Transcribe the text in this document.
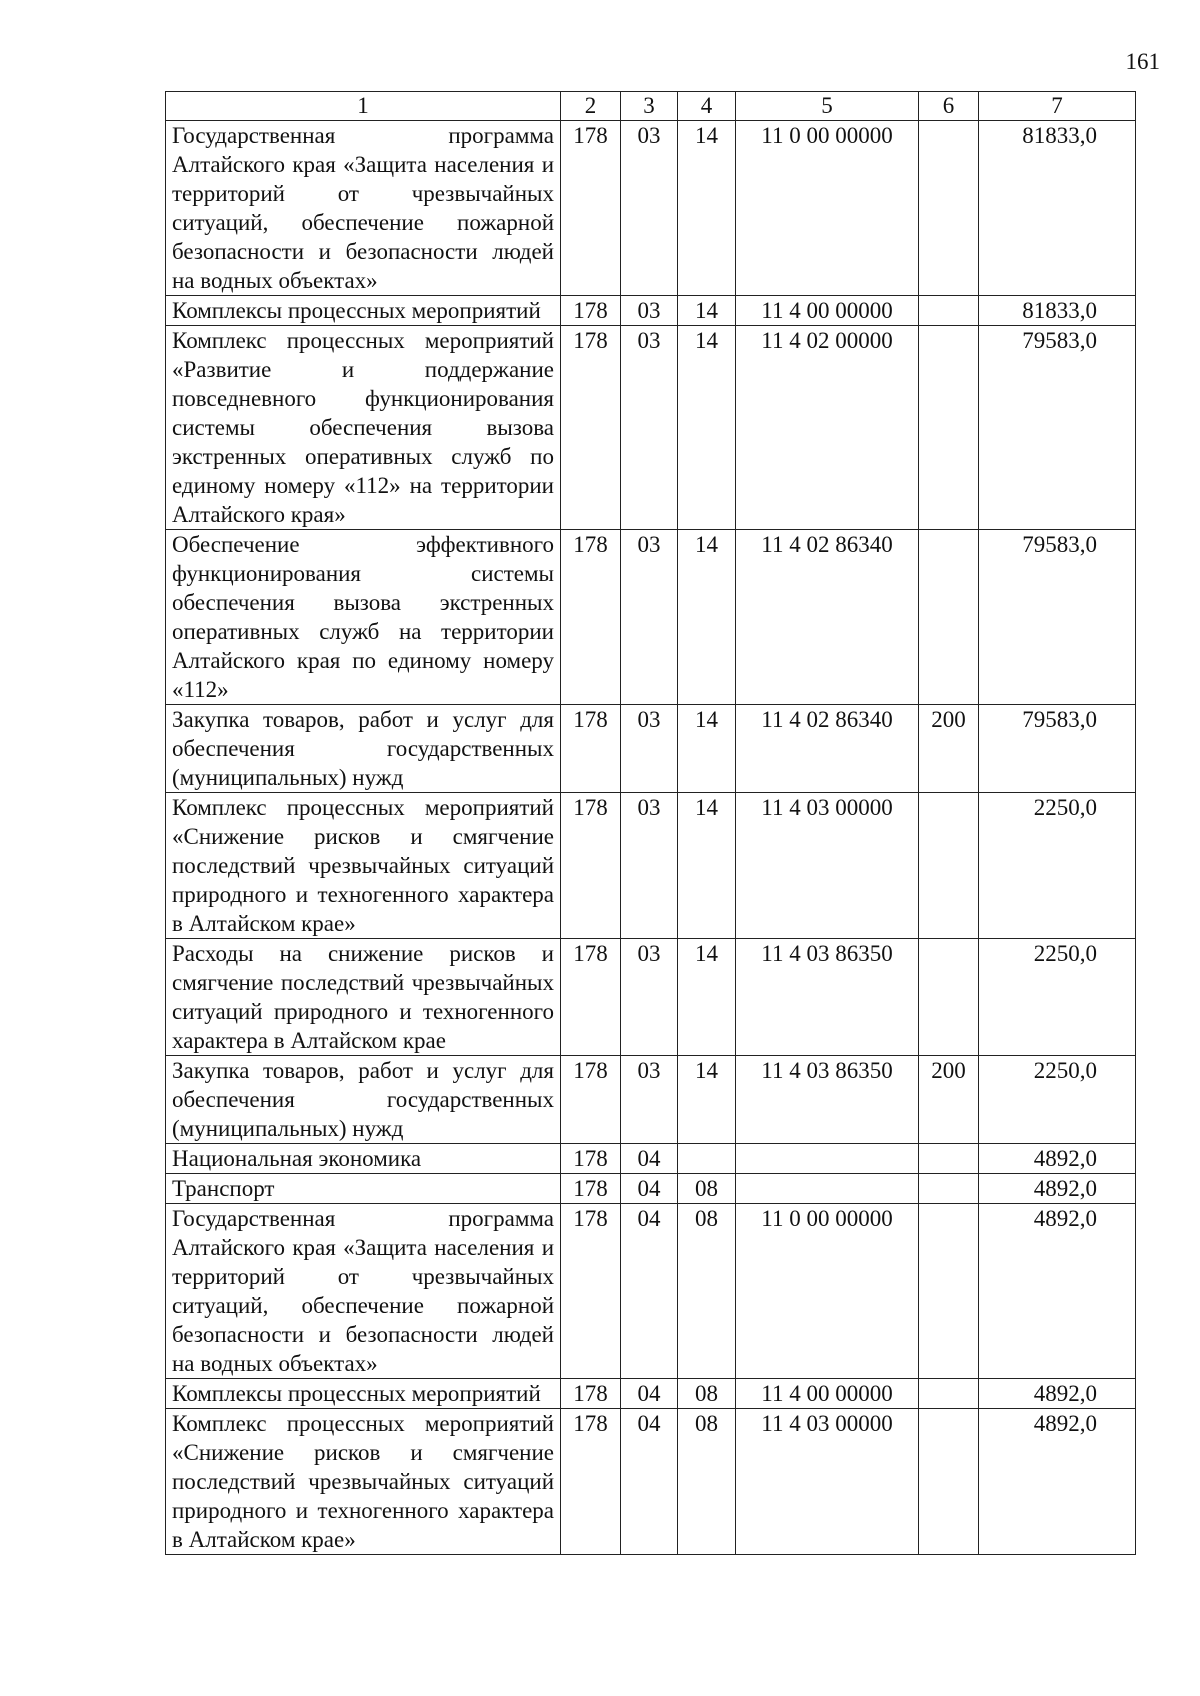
161
1	2	3	4	5	6	7
Государственная программа Алтайского края «Защита населения и территорий от чрезвычайных ситуаций, обеспечение пожарной безопасности и безопасности людей на водных объектах»	178	03	14	11 0 00 00000		81833,0
Комплексы процессных мероприятий	178	03	14	11 4 00 00000		81833,0
Комплекс процессных мероприятий «Развитие и поддержание повседневного функционирования системы обеспечения вызова экстренных оперативных служб по единому номеру «112» на территории Алтайского края»	178	03	14	11 4 02 00000		79583,0
Обеспечение эффективного функционирования системы обеспечения вызова экстренных оперативных служб на территории Алтайского края по единому номеру «112»	178	03	14	11 4 02 86340		79583,0
Закупка товаров, работ и услуг для обеспечения государственных (муниципальных) нужд	178	03	14	11 4 02 86340	200	79583,0
Комплекс процессных мероприятий «Снижение рисков и смягчение последствий чрезвычайных ситуаций природного и техногенного характера в Алтайском крае»	178	03	14	11 4 03 00000		2250,0
Расходы на снижение рисков и смягчение последствий чрезвычайных ситуаций природного и техногенного характера в Алтайском крае	178	03	14	11 4 03 86350		2250,0
Закупка товаров, работ и услуг для обеспечения государственных (муниципальных) нужд	178	03	14	11 4 03 86350	200	2250,0
Национальная экономика	178	04				4892,0
Транспорт	178	04	08			4892,0
Государственная программа Алтайского края «Защита населения и территорий от чрезвычайных ситуаций, обеспечение пожарной безопасности и безопасности людей на водных объектах»	178	04	08	11 0 00 00000		4892,0
Комплексы процессных мероприятий	178	04	08	11 4 00 00000		4892,0
Комплекс процессных мероприятий «Снижение рисков и смягчение последствий чрезвычайных ситуаций природного и техногенного характера в Алтайском крае»	178	04	08	11 4 03 00000		4892,0
